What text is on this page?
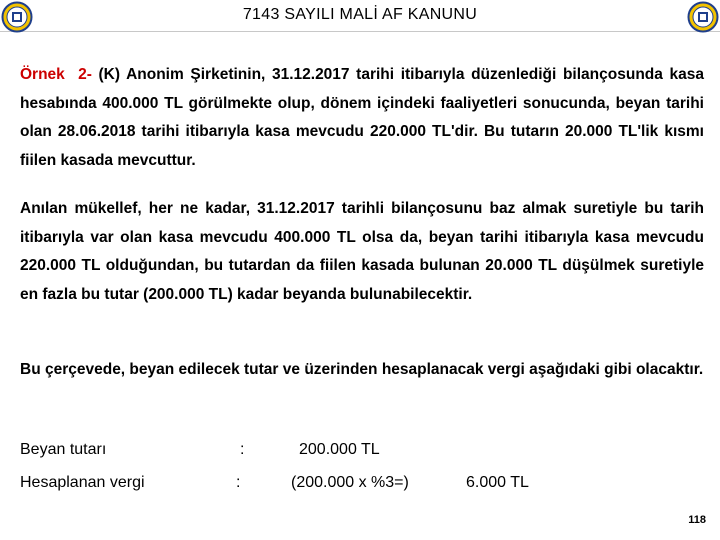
7143 SAYILI MALİ AF KANUNU

Örnek 2- (K) Anonim Şirketinin, 31.12.2017 tarihi itibarıyla düzenlediği bilançosunda kasa hesabında 400.000 TL görülmekte olup, dönem içindeki faaliyetleri sonucunda, beyan tarihi olan 28.06.2018 tarihi itibarıyla kasa mevcudu 220.000 TL'dir. Bu tutarın 20.000 TL'lik kısmı fiilen kasada mevcuttur.

Anılan mükellef, her ne kadar, 31.12.2017 tarihli bilançosunu baz almak suretiyle bu tarih itibarıyla var olan kasa mevcudu 400.000 TL olsa da, beyan tarihi itibarıyla kasa mevcudu 220.000 TL olduğundan, bu tutardan da fiilen kasada bulunan 20.000 TL düşülmek suretiyle en fazla bu tutar (200.000 TL) kadar beyanda bulunabilecektir.

Bu çerçevede, beyan edilecek tutar ve üzerinden hesaplanacak vergi aşağıdaki gibi olacaktır.

Beyan tutarı	:	200.000 TL
Hesaplanan vergi	:	(200.000 x %3=)	6.000 TL
118
